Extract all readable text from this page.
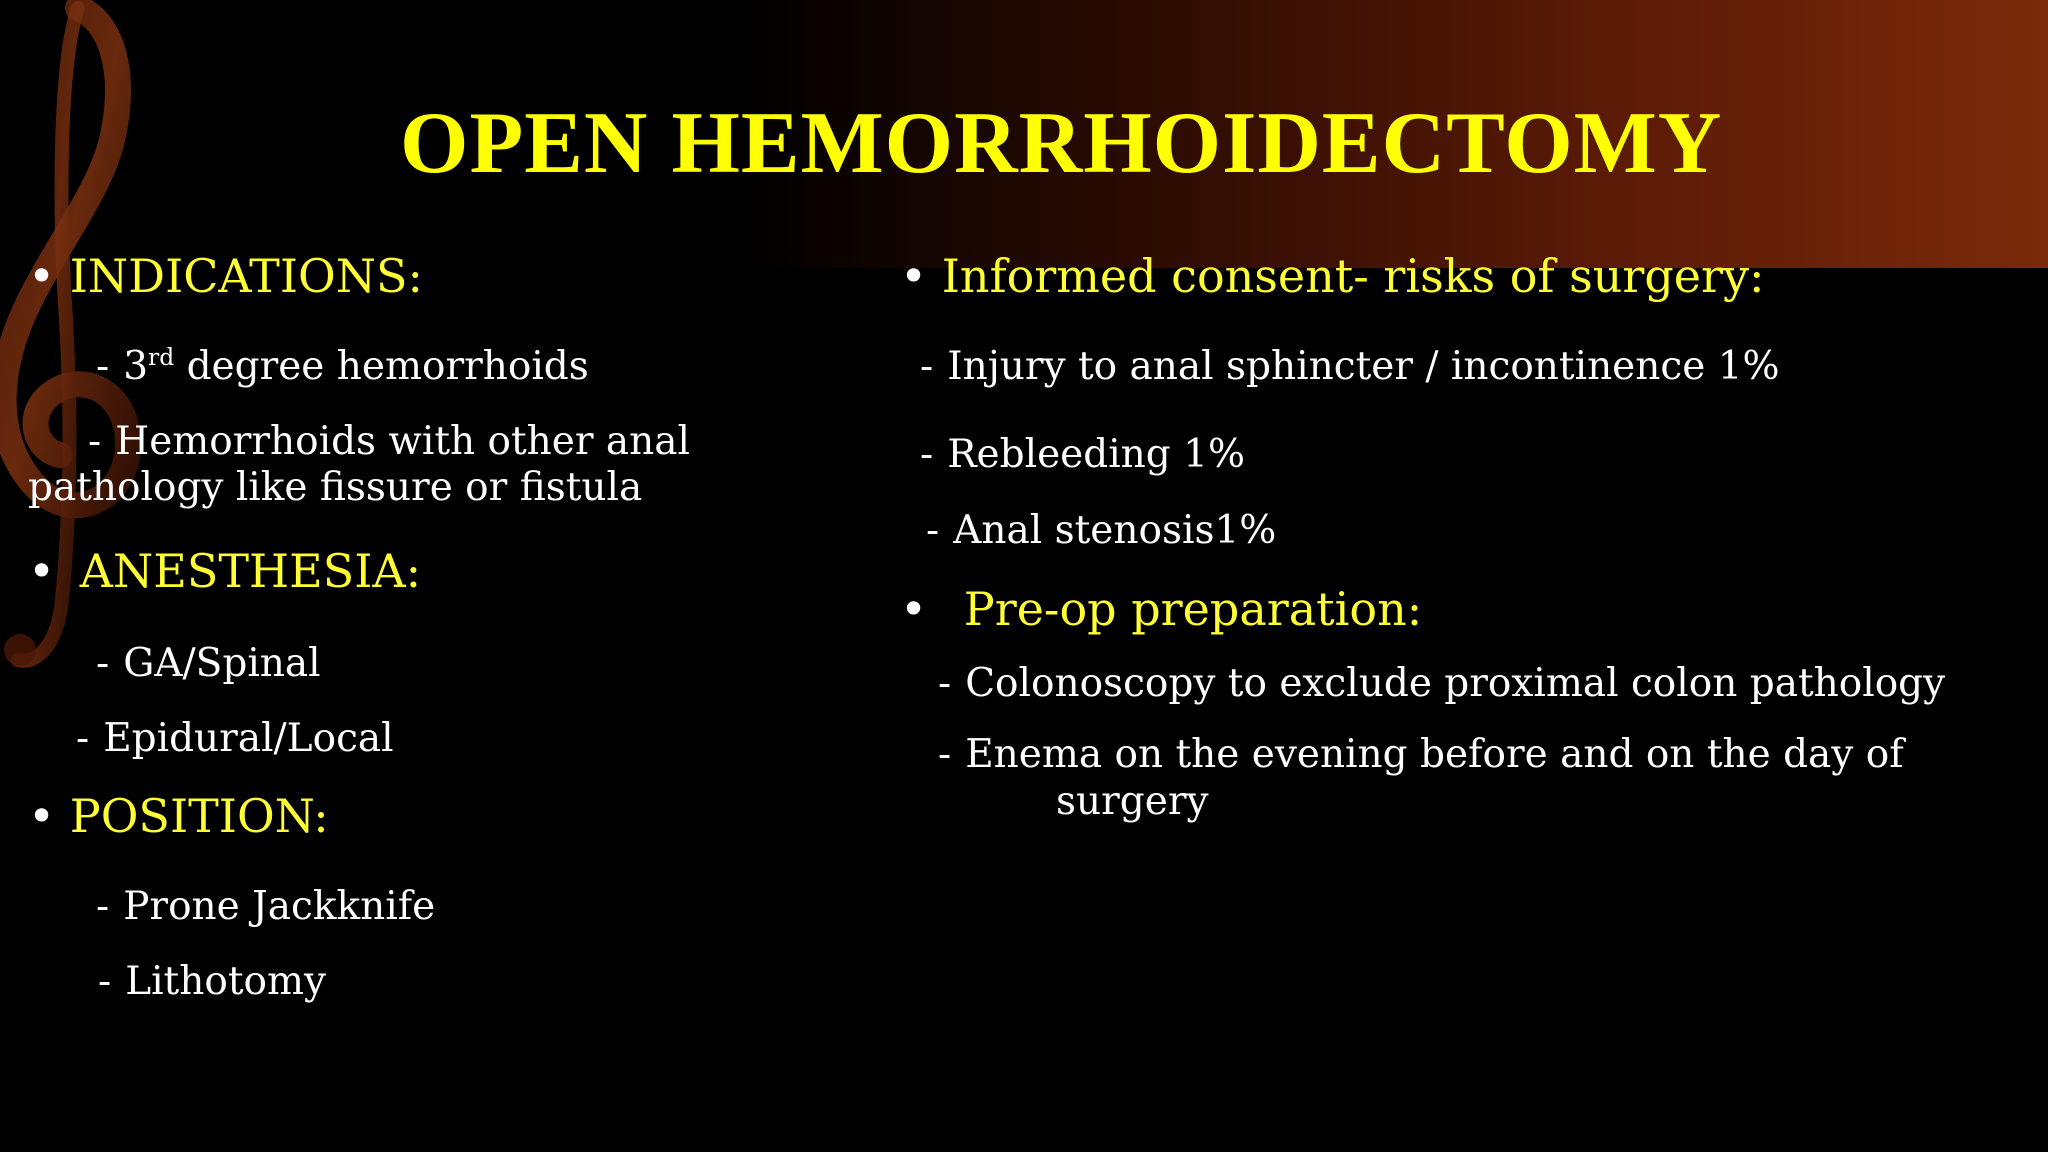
OPEN HEMORRHOIDECTOMY
• INDICATIONS:
- 3rd degree hemorrhoids
- Hemorrhoids with other anal
pathology like fissure or fistula
• ANESTHESIA:
- GA/Spinal
- Epidural/Local
• POSITION:
- Prone Jackknife
- Lithotomy
• Informed consent- risks of surgery:
- Injury to anal sphincter / incontinence 1%
- Rebleeding 1%
- Anal stenosis1%
• Pre-op preparation:
- Colonoscopy to exclude proximal colon pathology
- Enema on the evening before and on the day of
surgery
